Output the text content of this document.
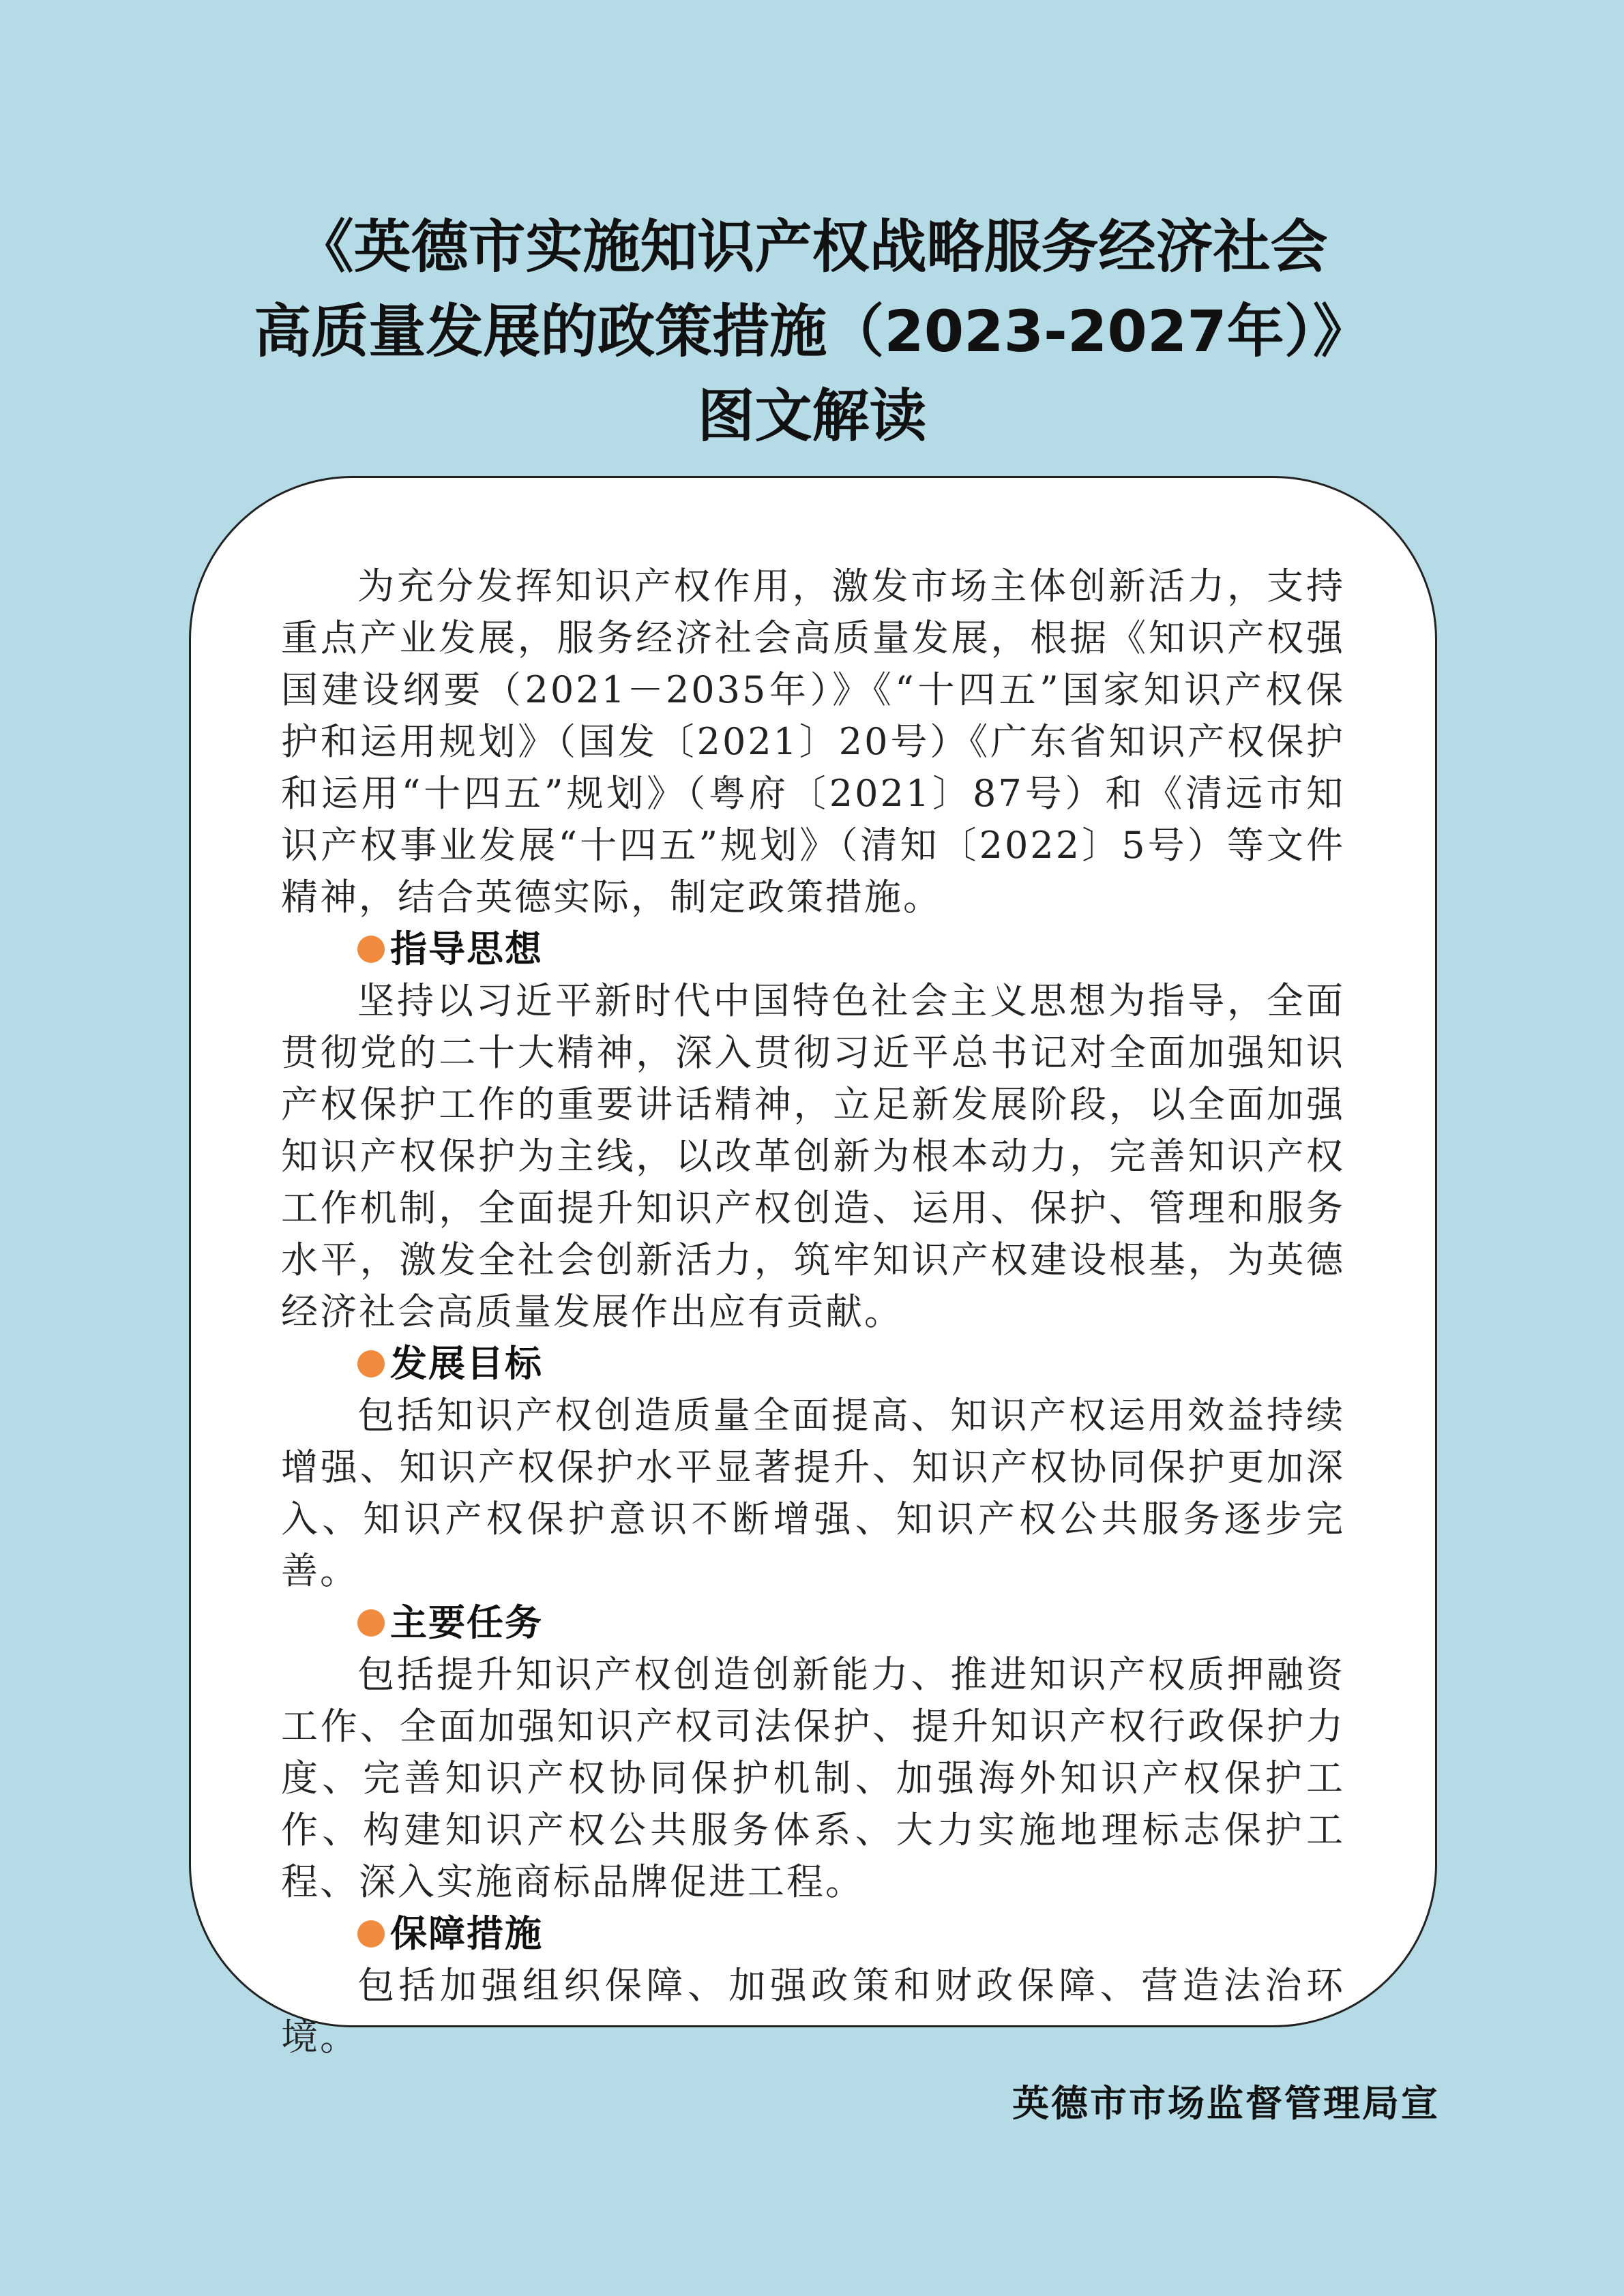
《英德市实施知识产权战略服务经济社会
高质量发展的政策措施（2023-2027年）》
图文解读

为充分发挥知识产权作用，激发市场主体创新活力，支持重点产业发展，服务经济社会高质量发展，根据《知识产权强国建设纲要（2021－2035年）》《“十四五”国家知识产权保护和运用规划》（国发〔2021〕20号）《广东省知识产权保护和运用“十四五”规划》（粤府〔2021〕87号）和《清远市知识产权事业发展“十四五”规划》（清知〔2022〕5号）等文件精神，结合英德实际，制定政策措施。

指导思想

坚持以习近平新时代中国特色社会主义思想为指导，全面贯彻党的二十大精神，深入贯彻习近平总书记对全面加强知识产权保护工作的重要讲话精神，立足新发展阶段，以全面加强知识产权保护为主线，以改革创新为根本动力，完善知识产权工作机制，全面提升知识产权创造、运用、保护、管理和服务水平，激发全社会创新活力，筑牢知识产权建设根基，为英德经济社会高质量发展作出应有贡献。

发展目标

包括知识产权创造质量全面提高、知识产权运用效益持续增强、知识产权保护水平显著提升、知识产权协同保护更加深入、知识产权保护意识不断增强、知识产权公共服务逐步完善。

主要任务

包括提升知识产权创造创新能力、推进知识产权质押融资工作、全面加强知识产权司法保护、提升知识产权行政保护力度、完善知识产权协同保护机制、加强海外知识产权保护工作、构建知识产权公共服务体系、大力实施地理标志保护工程、深入实施商标品牌促进工程。

保障措施

包括加强组织保障、加强政策和财政保障、营造法治环境。

英德市市场监督管理局宣
